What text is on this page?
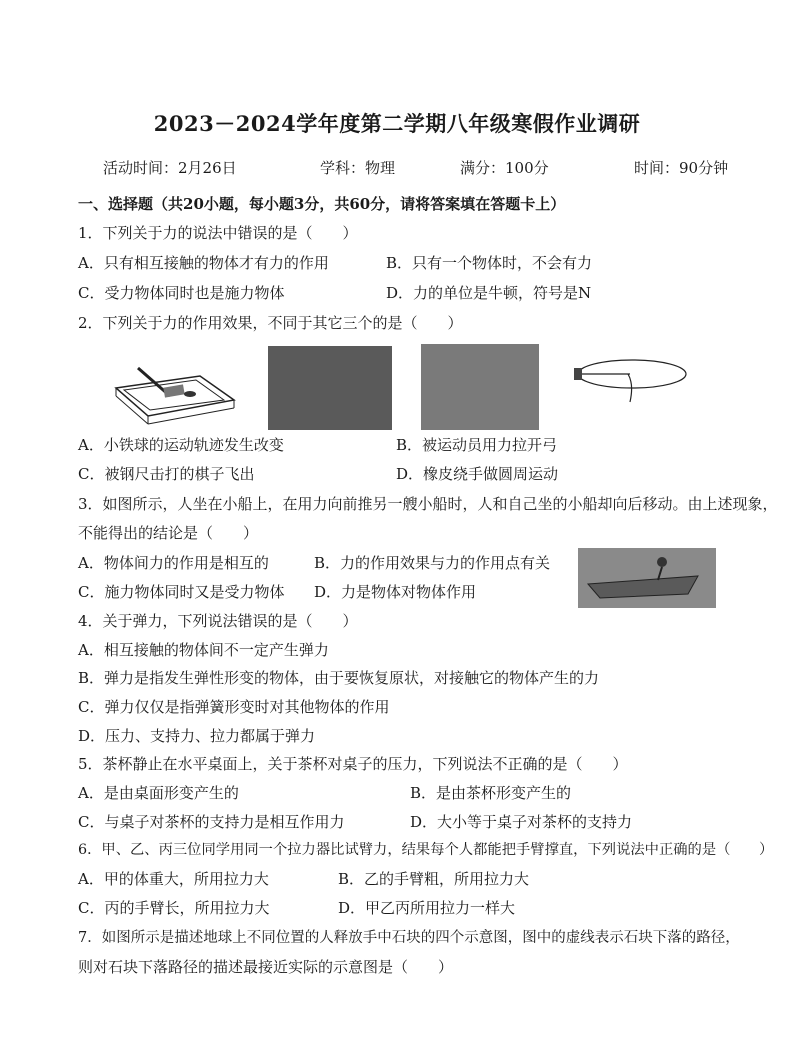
2023－2024学年度第二学期八年级寒假作业调研
活动时间：2月26日	学科：物理	满分：100分	时间：90分钟
一、选择题（共20小题，每小题3分，共60分，请将答案填在答题卡上）
1．下列关于力的说法中错误的是（　　）
A．只有相互接触的物体才有力的作用	B．只有一个物体时，不会有力
C．受力物体同时也是施力物体	D．力的单位是牛顿，符号是N
2．下列关于力的作用效果，不同于其它三个的是（　　）
A．小铁球的运动轨迹发生改变	B．被运动员用力拉开弓
C．被钢尺击打的棋子飞出	D．橡皮绕手做圆周运动
3．如图所示，人坐在小船上，在用力向前推另一艘小船时，人和自己坐的小船却向后移动。由上述现象，
不能得出的结论是（　　）
A．物体间力的作用是相互的	B．力的作用效果与力的作用点有关
C．施力物体同时又是受力物体 D．力是物体对物体作用
4．关于弹力，下列说法错误的是（　　）
A．相互接触的物体间不一定产生弹力
B．弹力是指发生弹性形变的物体，由于要恢复原状，对接触它的物体产生的力
C．弹力仅仅是指弹簧形变时对其他物体的作用
D．压力、支持力、拉力都属于弹力
5．茶杯静止在水平桌面上，关于茶杯对桌子的压力，下列说法不正确的是（　　）
A．是由桌面形变产生的	B．是由茶杯形变产生的
C．与桌子对茶杯的支持力是相互作用力	D．大小等于桌子对茶杯的支持力
6．甲、乙、丙三位同学用同一个拉力器比试臂力，结果每个人都能把手臂撑直，下列说法中正确的是（　　）
A．甲的体重大，所用拉力大	B．乙的手臂粗，所用拉力大
C．丙的手臂长，所用拉力大	D．甲乙丙所用拉力一样大
7．如图所示是描述地球上不同位置的人释放手中石块的四个示意图，图中的虚线表示石块下落的路径，
则对石块下落路径的描述最接近实际的示意图是（　　）
